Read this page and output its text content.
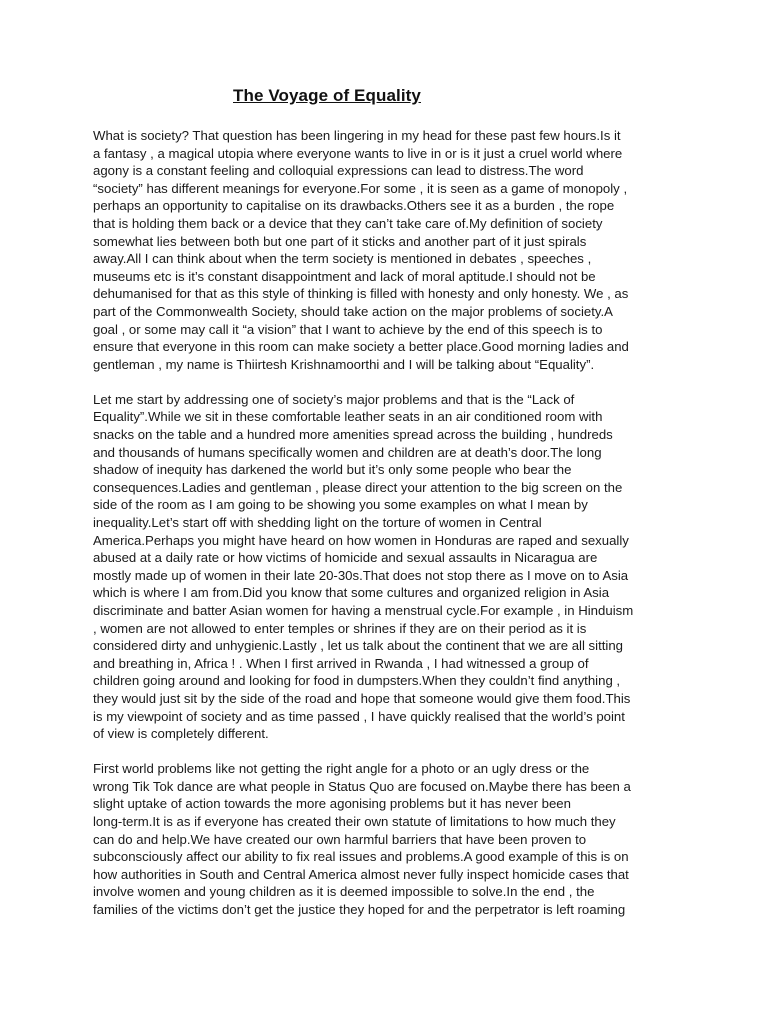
The Voyage of Equality

What is society? That question has been lingering in my head for these past few hours.Is it
a fantasy , a magical utopia where everyone wants to live in or is it just a cruel world where
agony is a constant feeling and colloquial expressions can lead to distress.The word
“society” has different meanings for everyone.For some , it is seen as a game of monopoly ,
perhaps an opportunity to capitalise on its drawbacks.Others see it as a burden , the rope
that is holding them back or a device that they can’t take care of.My definition of society
somewhat lies between both but one part of it sticks and another part of it just spirals
away.All I can think about when the term society is mentioned in debates , speeches ,
museums etc is it’s constant disappointment and lack of moral aptitude.I should not be
dehumanised for that as this style of thinking is filled with honesty and only honesty. We , as
part of the Commonwealth Society, should take action on the major problems of society.A
goal , or some may call it “a vision” that I want to achieve by the end of this speech is to
ensure that everyone in this room can make society a better place.Good morning ladies and
gentleman , my name is Thiirtesh Krishnamoorthi and I will be talking about “Equality”.

Let me start by addressing one of society’s major problems and that is the “Lack of
Equality”.While we sit in these comfortable leather seats in an air conditioned room with
snacks on the table and a hundred more amenities spread across the building , hundreds
and thousands of humans specifically women and children are at death’s door.The long
shadow of inequity has darkened the world but it’s only some people who bear the
consequences.Ladies and gentleman , please direct your attention to the big screen on the
side of the room as I am going to be showing you some examples on what I mean by
inequality.Let’s start off with shedding light on the torture of women in Central
America.Perhaps you might have heard on how women in Honduras are raped and sexually
abused at a daily rate or how victims of homicide and sexual assaults in Nicaragua are
mostly made up of women in their late 20-30s.That does not stop there as I move on to Asia
which is where I am from.Did you know that some cultures and organized religion in Asia
discriminate and batter Asian women for having a menstrual cycle.For example , in Hinduism
, women are not allowed to enter temples or shrines if they are on their period as it is
considered dirty and unhygienic.Lastly , let us talk about the continent that we are all sitting
and breathing in, Africa ! . When I first arrived in Rwanda , I had witnessed a group of
children going around and looking for food in dumpsters.When they couldn’t find anything ,
they would just sit by the side of the road and hope that someone would give them food.This
is my viewpoint of society and as time passed , I have quickly realised that the world’s point
of view is completely different.

First world problems like not getting the right angle for a photo or an ugly dress or the
wrong Tik Tok dance are what people in Status Quo are focused on.Maybe there has been a
slight uptake of action towards the more agonising problems but it has never been
long-term.It is as if everyone has created their own statute of limitations to how much they
can do and help.We have created our own harmful barriers that have been proven to
subconsciously affect our ability to fix real issues and problems.A good example of this is on
how authorities in South and Central America almost never fully inspect homicide cases that
involve women and young children as it is deemed impossible to solve.In the end , the
families of the victims don’t get the justice they hoped for and the perpetrator is left roaming
